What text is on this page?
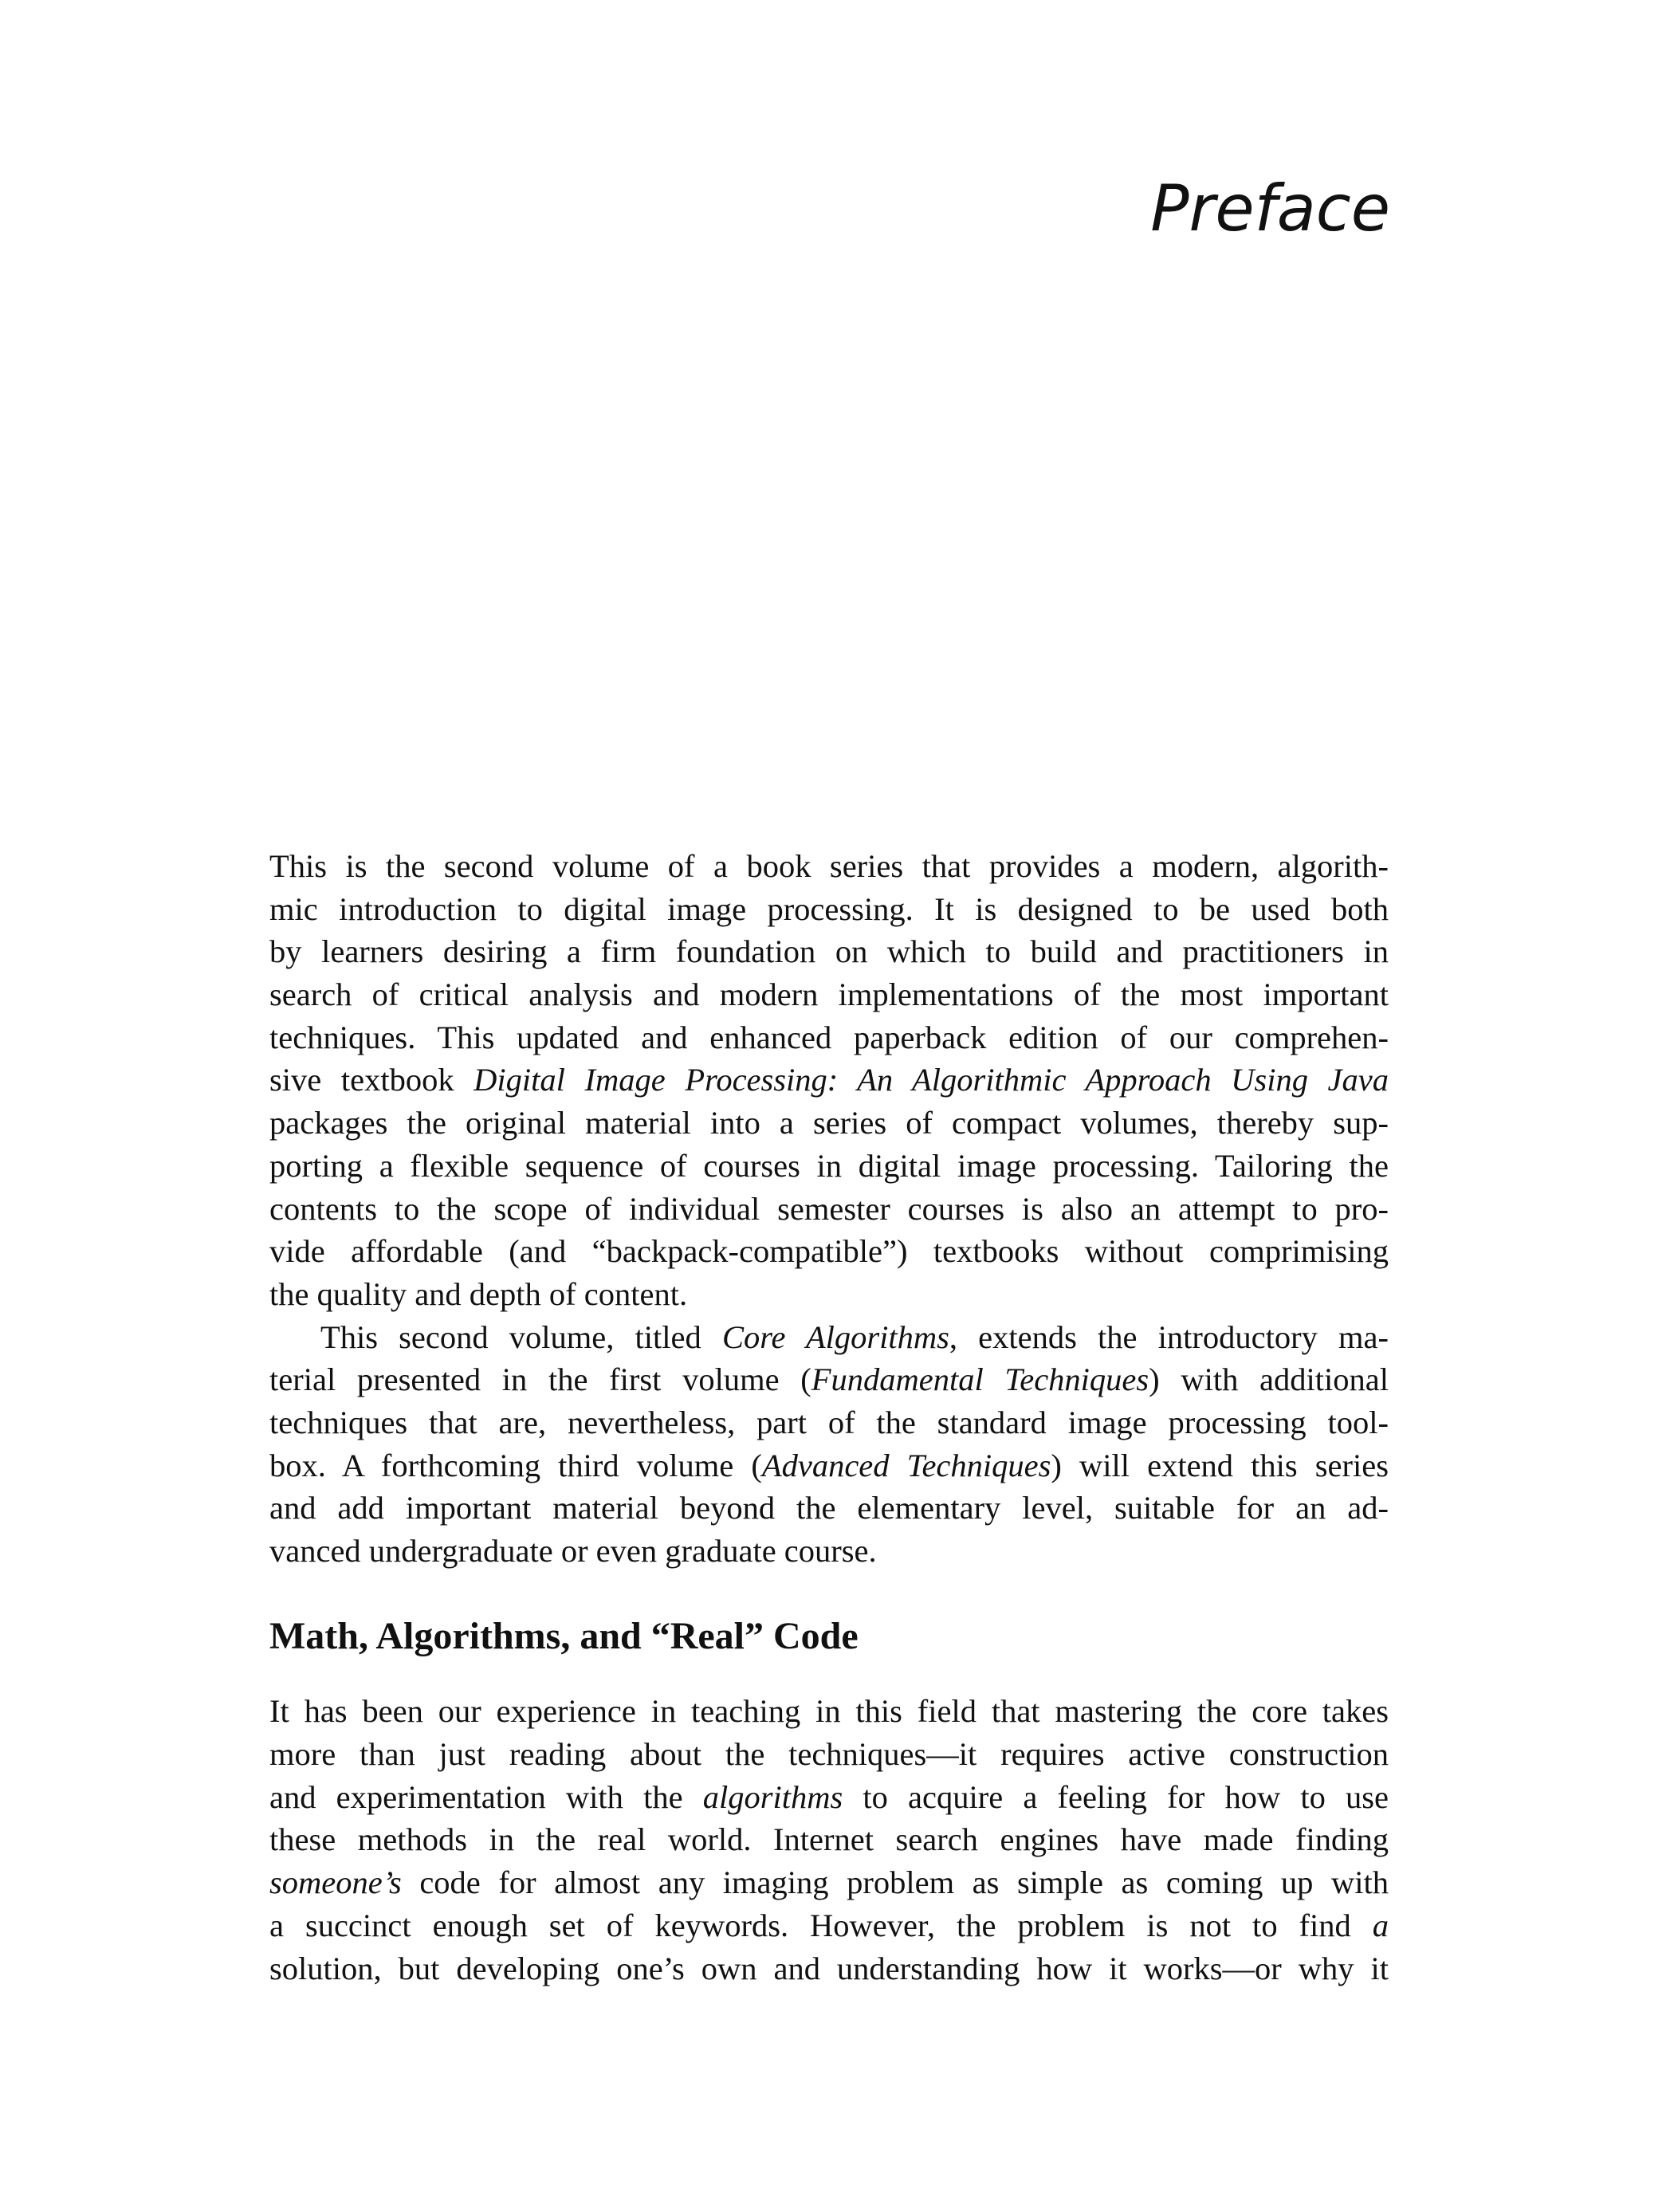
Preface
This is the second volume of a book series that provides a modern, algorith-
mic introduction to digital image processing. It is designed to be used both
by learners desiring a firm foundation on which to build and practitioners in
search of critical analysis and modern implementations of the most important
techniques. This updated and enhanced paperback edition of our comprehen-
sive textbook Digital Image Processing: An Algorithmic Approach Using Java
packages the original material into a series of compact volumes, thereby sup-
porting a flexible sequence of courses in digital image processing. Tailoring the
contents to the scope of individual semester courses is also an attempt to pro-
vide affordable (and “backpack-compatible”) textbooks without comprimising
the quality and depth of content.
This second volume, titled Core Algorithms, extends the introductory ma-
terial presented in the first volume (Fundamental Techniques) with additional
techniques that are, nevertheless, part of the standard image processing tool-
box. A forthcoming third volume (Advanced Techniques) will extend this series
and add important material beyond the elementary level, suitable for an ad-
vanced undergraduate or even graduate course.
Math, Algorithms, and “Real” Code
It has been our experience in teaching in this field that mastering the core takes
more than just reading about the techniques—it requires active construction
and experimentation with the algorithms to acquire a feeling for how to use
these methods in the real world. Internet search engines have made finding
someone’s code for almost any imaging problem as simple as coming up with
a succinct enough set of keywords. However, the problem is not to find a
solution, but developing one’s own and understanding how it works—or why it
